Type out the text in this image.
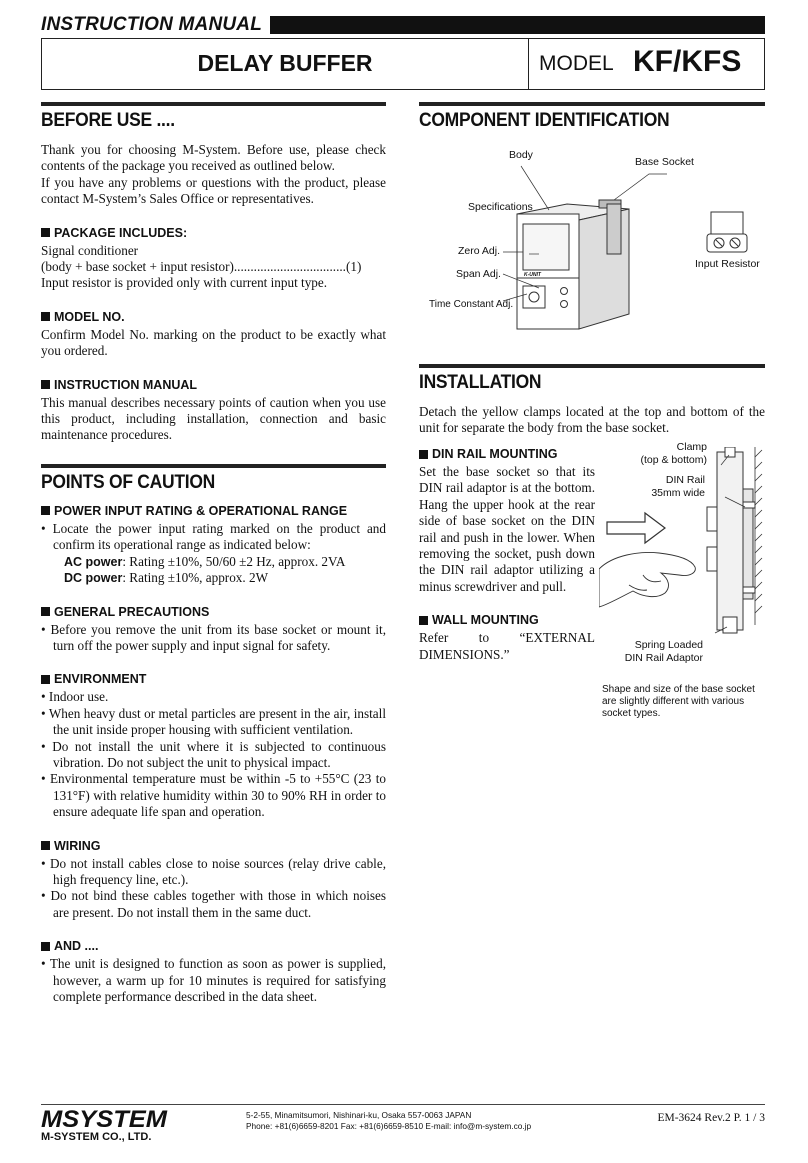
INSTRUCTION MANUAL
DELAY BUFFER	MODEL KF/KFS
BEFORE USE ....
Thank you for choosing M-System. Before use, please check contents of the package you received as outlined below.
If you have any problems or questions with the product, please contact M-System’s Sales Office or representatives.
PACKAGE INCLUDES:
Signal conditioner
(body + base socket + input resistor)..................................(1)
Input resistor is provided only with current input type.
MODEL NO.
Confirm Model No. marking on the product to be exactly what you ordered.
INSTRUCTION MANUAL
This manual describes necessary points of caution when you use this product, including installation, connection and basic maintenance procedures.
POINTS OF CAUTION
POWER INPUT RATING & OPERATIONAL RANGE
• Locate the power input rating marked on the product and confirm its operational range as indicated below:
AC power: Rating ±10%, 50/60 ±2 Hz, approx. 2VA
DC power: Rating ±10%, approx. 2W
GENERAL PRECAUTIONS
• Before you remove the unit from its base socket or mount it, turn off the power supply and input signal for safety.
ENVIRONMENT
• Indoor use.
• When heavy dust or metal particles are present in the air, install the unit inside proper housing with sufficient ventilation.
• Do not install the unit where it is subjected to continuous vibration. Do not subject the unit to physical impact.
• Environmental temperature must be within -5 to +55°C (23 to 131°F) with relative humidity within 30 to 90% RH in order to ensure adequate life span and operation.
WIRING
• Do not install cables close to noise sources (relay drive cable, high frequency line, etc.).
• Do not bind these cables together with those in which noises are present. Do not install them in the same duct.
AND ....
• The unit is designed to function as soon as power is supplied, however, a warm up for 10 minutes is required for satisfying complete performance described in the data sheet.
COMPONENT IDENTIFICATION
Body
Base Socket
Specifications
Input Resistor
Zero Adj.
Span Adj.
Time Constant Adj.
K-UNIT
INSTALLATION
Detach the yellow clamps located at the top and bottom of the unit for separate the body from the base socket.
DIN RAIL MOUNTING
Set the base socket so that its DIN rail adaptor is at the bottom. Hang the upper hook at the rear side of base socket on the DIN rail and push in the lower. When removing the socket, push down the DIN rail adaptor utilizing a minus screwdriver and pull.
WALL MOUNTING
Refer to “EXTERNAL DIMENSIONS.”
Clamp
(top & bottom)
DIN Rail
35mm wide
Spring Loaded
DIN Rail Adaptor
Shape and size of the base socket are slightly different with various socket types.
MSYSTEM
M-SYSTEM CO., LTD.
5-2-55, Minamitsumori, Nishinari-ku, Osaka 557-0063 JAPAN
Phone: +81(6)6659-8201 Fax: +81(6)6659-8510 E-mail: info@m-system.co.jp
EM-3624 Rev.2 P. 1 / 3
